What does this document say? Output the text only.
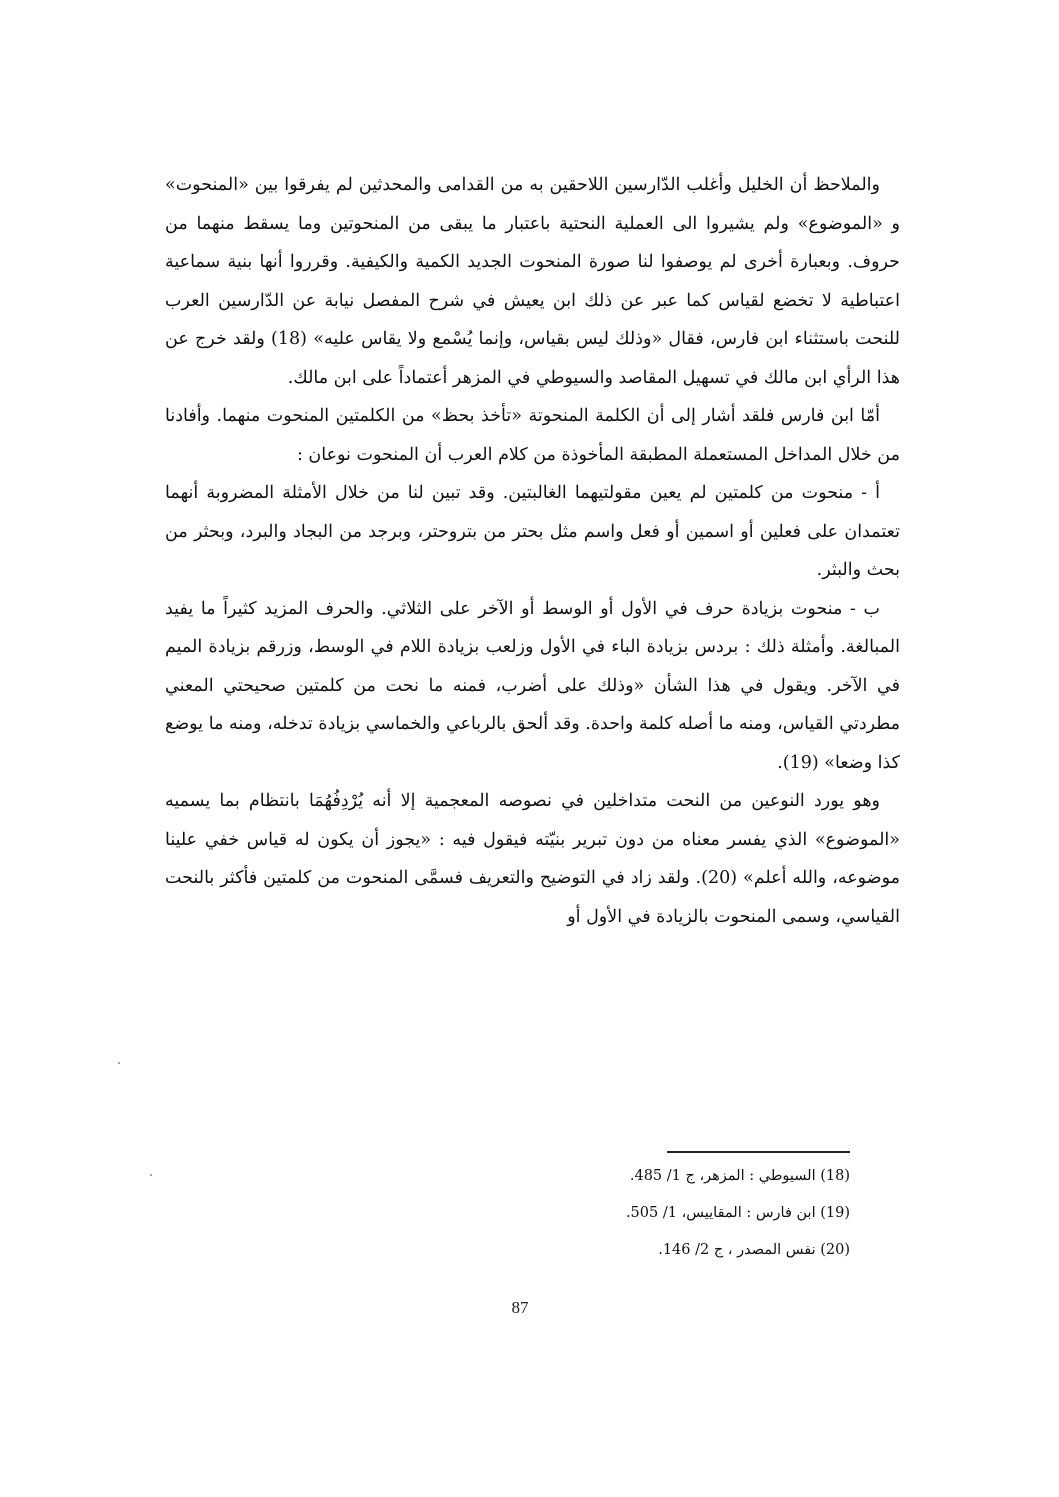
والملاحظ أن الخليل وأغلب الدّارسين اللاحقين به من القدامى والمحدثين لم يفرقوا بين «المنحوت» و «الموضوع» ولم يشيروا الى العملية النحتية باعتبار ما يبقى من المنحوتين وما يسقط منهما من حروف. وبعبارة أخرى لم يوصفوا لنا صورة المنحوت الجديد الكمية والكيفية. وقرروا أنها بنية سماعية اعتباطية لا تخضع لقياس كما عبر عن ذلك ابن يعيش في شرح المفصل نيابة عن الدّارسين العرب للنحت باستثناء ابن فارس، فقال «وذلك ليس بقياس، وإنما يُسْمع ولا يقاس عليه» (18) ولقد خرج عن هذا الرأي ابن مالك في تسهيل المقاصد والسيوطي في المزهر أعتماداً على ابن مالك.

أمّا ابن فارس فلقد أشار إلى أن الكلمة المنحوتة «تأخذ بحظ» من الكلمتين المنحوت منهما. وأفادنا من خلال المداخل المستعملة المطبقة المأخوذة من كلام العرب أن المنحوت نوعان :

أ - منحوت من كلمتين لم يعين مقولتيهما الغالبتين. وقد تبين لنا من خلال الأمثلة المضروبة أنهما تعتمدان على فعلين أو اسمين أو فعل واسم مثل بحتر من بتروحتر، وبرجد من البجاد والبرد، وبحثر من بحث والبثر.

ب - منحوت بزيادة حرف في الأول أو الوسط أو الآخر على الثلاثي. والحرف المزيد كثيراً ما يفيد المبالغة. وأمثلة ذلك : بردس بزيادة الباء في الأول وزلعب بزيادة اللام في الوسط، وزرقم بزيادة الميم في الآخر. ويقول في هذا الشأن «وذلك على أضرب، فمنه ما نحت من كلمتين صحيحتي المعني مطردتي القياس، ومنه ما أصله كلمة واحدة. وقد ألحق بالرباعي والخماسي بزيادة تدخله، ومنه ما يوضع كذا وضعا» (19).

وهو يورد النوعين من النحت متداخلين في نصوصه المعجمية إلا أنه يُرْدِفُهُمَا بانتظام بما يسميه «الموضوع» الذي يفسر معناه من دون تبرير بنيّته فيقول فيه : «يجوز أن يكون له قياس خفي علينا موضوعه، والله أعلم» (20). ولقد زاد في التوضيح والتعريف فسمَّى المنحوت من كلمتين فأكثر بالنحت القياسي، وسمى المنحوت بالزيادة في الأول أو

(18) السيوطي : المزهر، ج 1/ 485.
(19) ابن فارس : المقاييس، 1/ 505.
(20) نفس المصدر ، ج 2/ 146.
87
